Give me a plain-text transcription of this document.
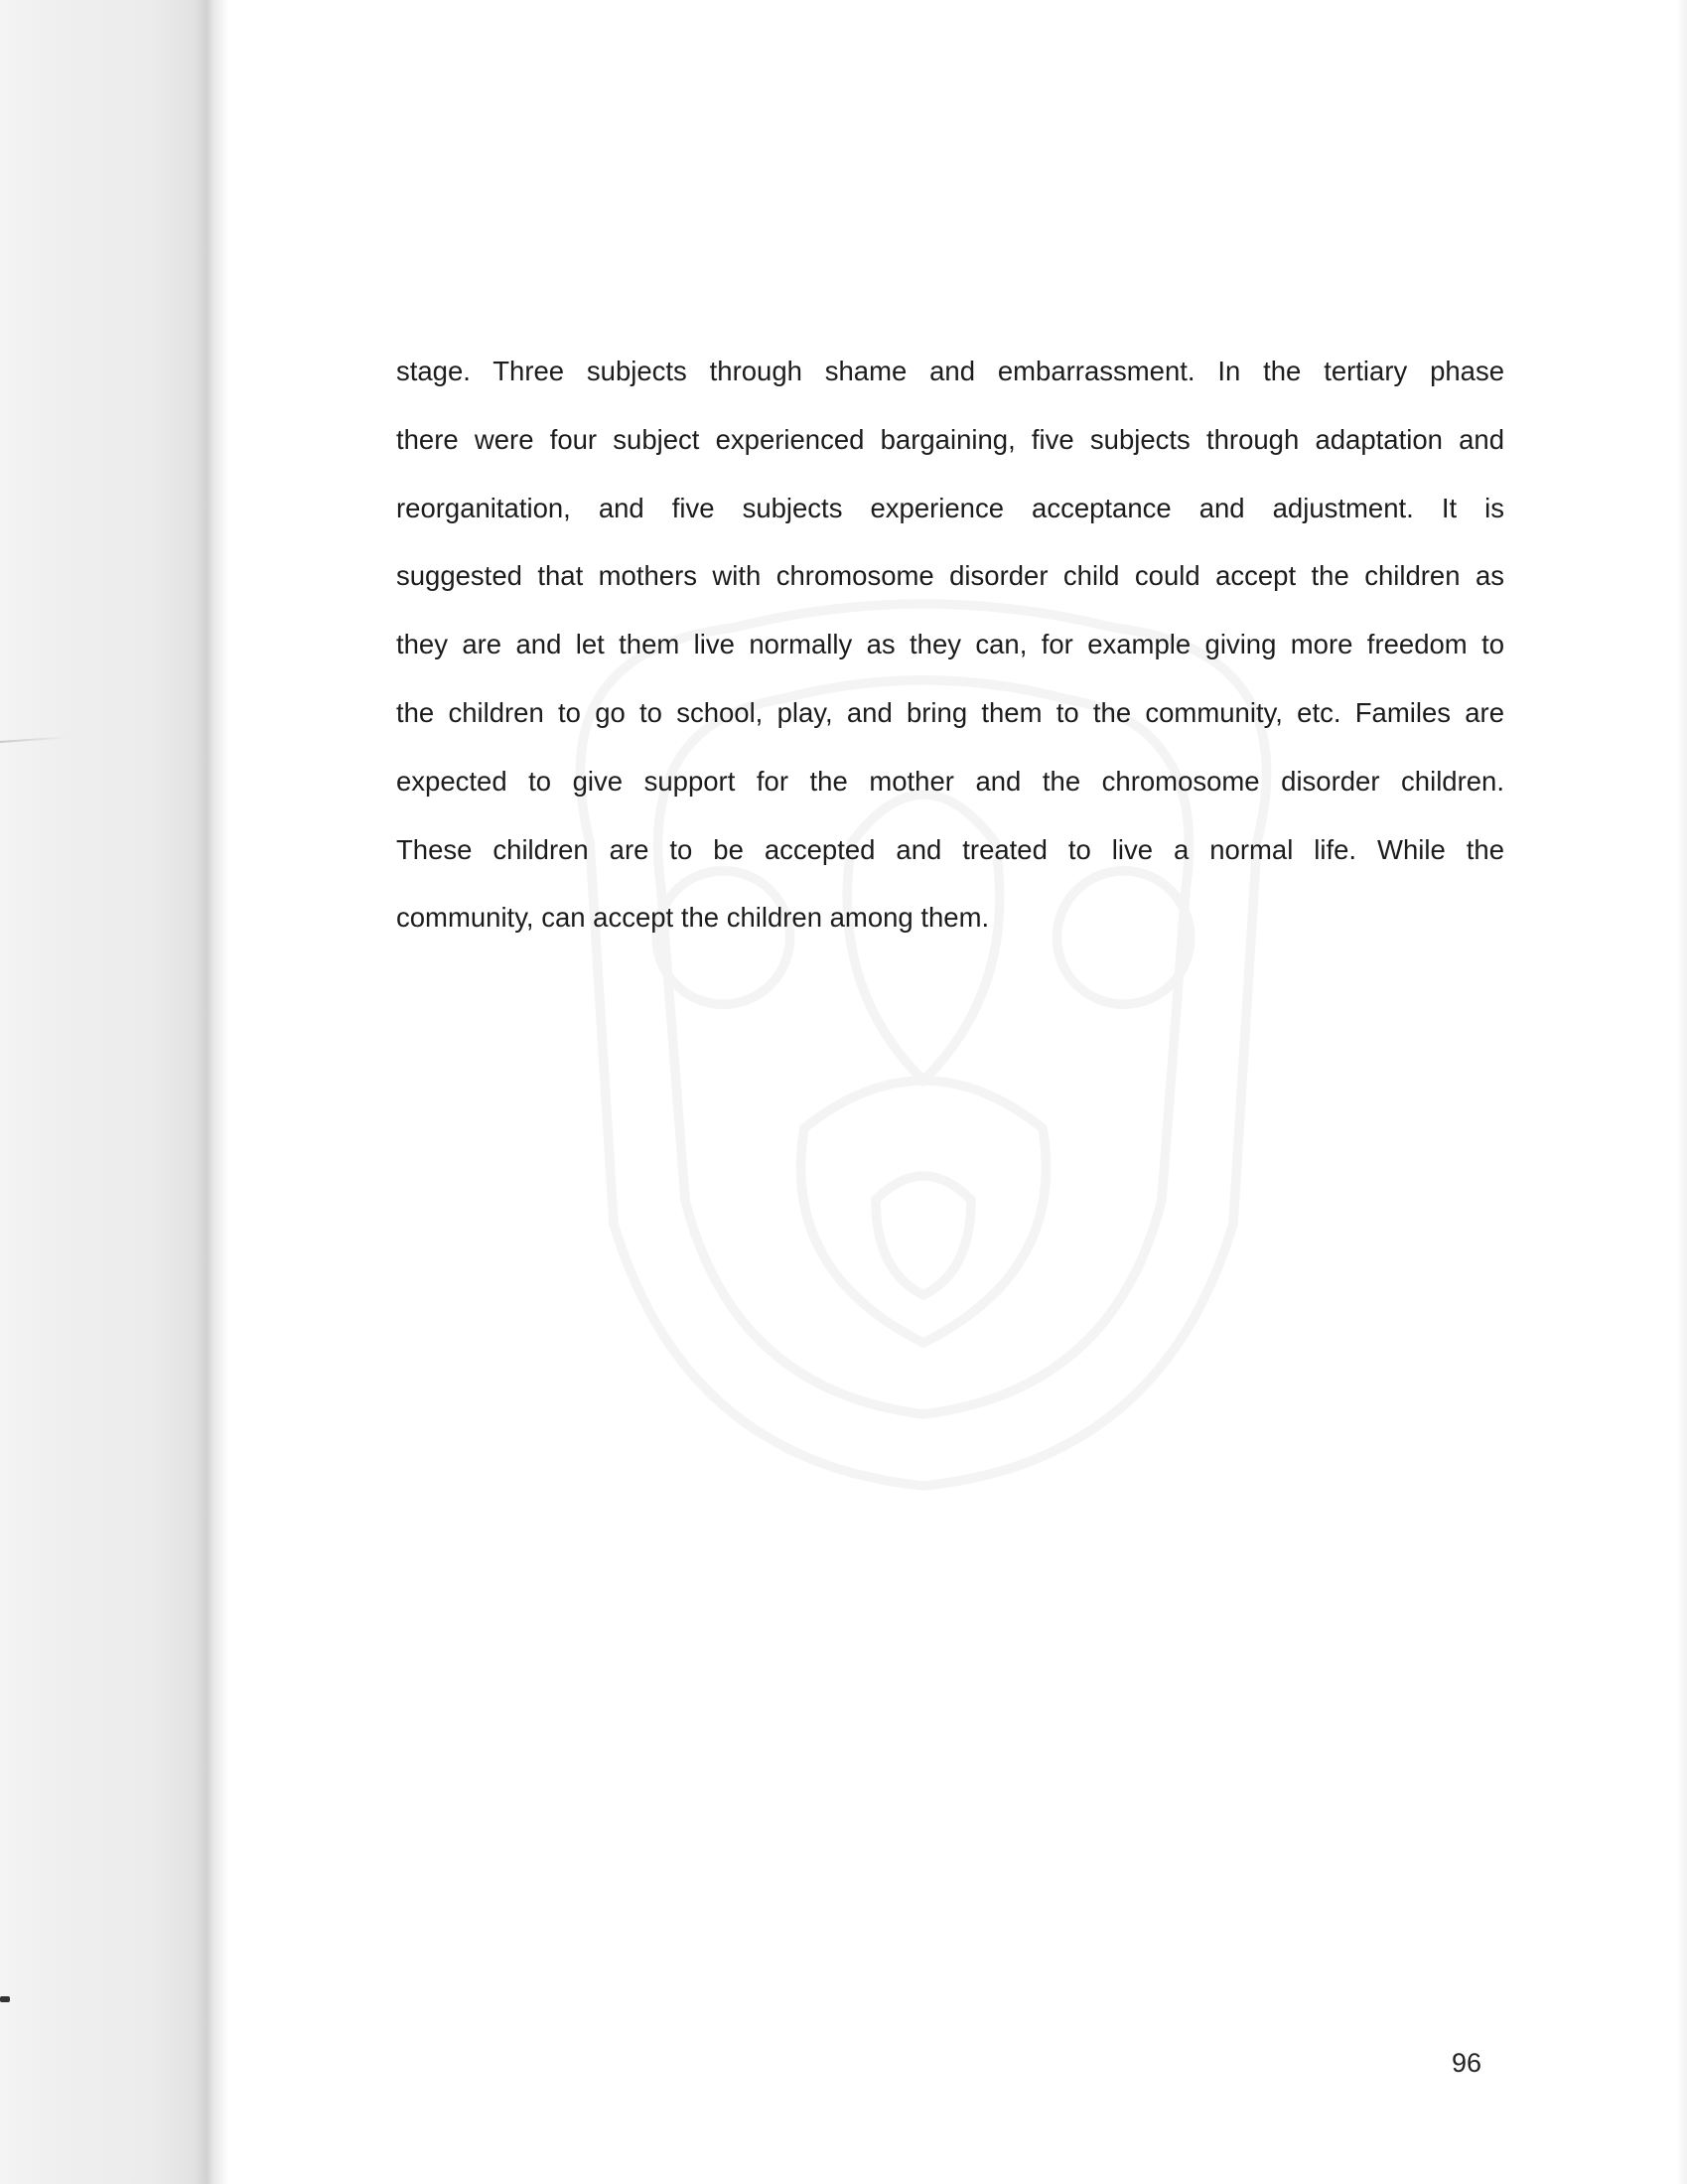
stage. Three subjects through shame and embarrassment. In the tertiary phase
there were four subject experienced bargaining, five subjects through adaptation and
reorganitation, and five subjects experience acceptance and adjustment. It is
suggested that mothers with chromosome disorder child could accept the children as
they are and let them live normally as they can, for example giving more freedom to
the children to go to school, play, and bring them to the community, etc. Familes are
expected to give support for the mother and the chromosome disorder children.
These children are to be accepted and treated to live a normal life. While the
community, can accept the children among them.

96
